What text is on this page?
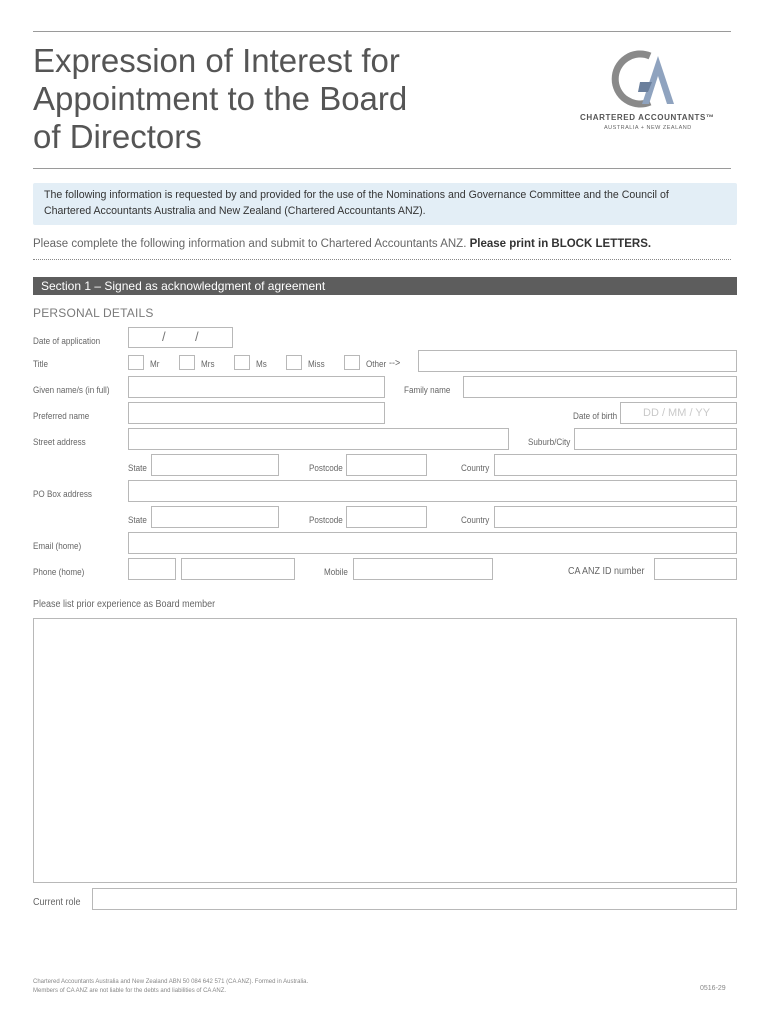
Expression of Interest for
Appointment to the Board
of Directors
CHARTERED ACCOUNTANTS™
AUSTRALIA + NEW ZEALAND
The following information is requested by and provided for the use of the Nominations and Governance Committee and the Council of
Chartered Accountants Australia and New Zealand (Chartered Accountants ANZ).
Please complete the following information and submit to Chartered Accountants ANZ. Please print in BLOCK LETTERS.
Section 1 – Signed as acknowledgment of agreement
PERSONAL DETAILS
Date of application	/ /
Title	Mr	Mrs	Ms	Miss	Other -->
Given name/s (in full)	Family name
Preferred name	Date of birth DD / MM / YY
Street address	Suburb/City
State	Postcode	Country
PO Box address
State	Postcode	Country
Email (home)
Phone (home)	Mobile	CA ANZ ID number
Please list prior experience as Board member
Current role
Chartered Accountants Australia and New Zealand ABN 50 084 642 571 (CA ANZ). Formed in Australia.
Members of CA ANZ are not liable for the debts and liabilities of CA ANZ.	0516-29
